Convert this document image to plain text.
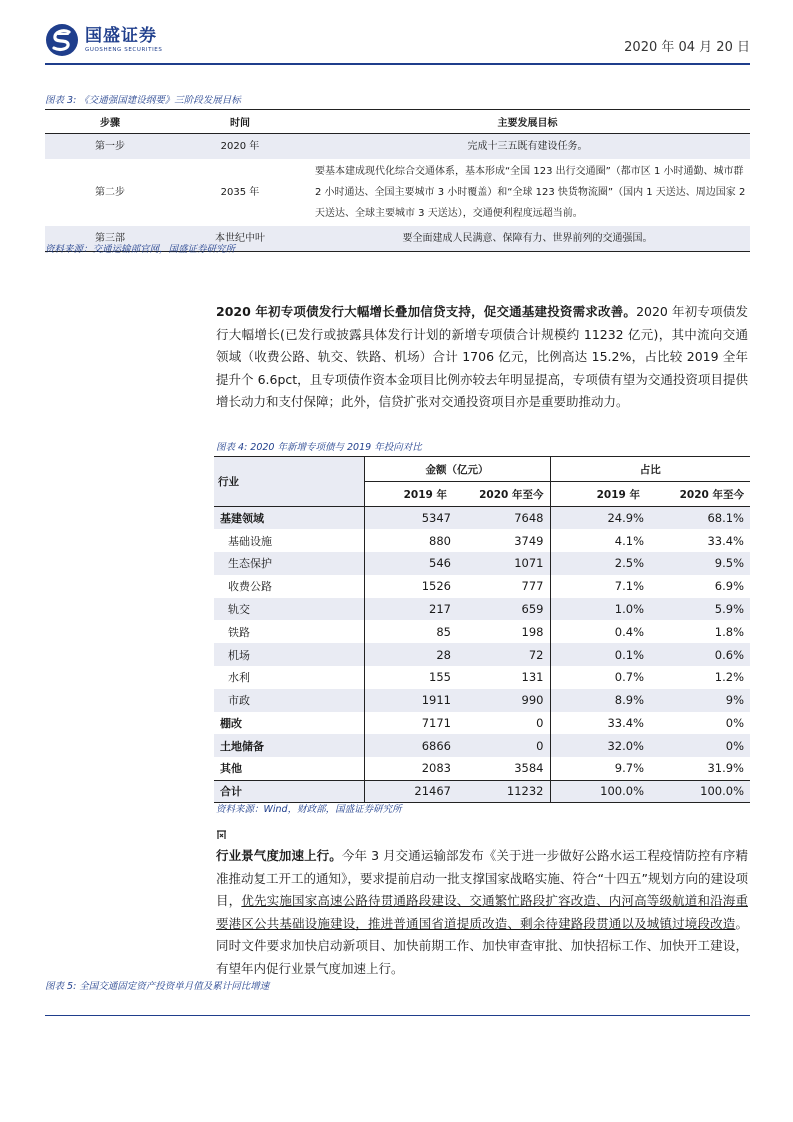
国盛证券
GUOSHENG SECURITIES	2020 年 04 月 20 日
图表 3: 《交通强国建设纲要》三阶段发展目标
步骤	时间	主要发展目标
第一步	2020 年	完成十三五既有建设任务。
第二步	2035 年	要基本建成现代化综合交通体系，基本形成“全国 123 出行交通圈”（都市区 1 小时通勤、城市群 2 小时通达、全国主要城市 3 小时覆盖）和“全球 123 快货物流圈”（国内 1 天送达、周边国家 2 天送达、全球主要城市 3 天送达），交通便利程度远超当前。
第三部	本世纪中叶	要全面建成人民满意、保障有力、世界前列的交通强国。
资料来源：交通运输部官网，国盛证券研究所
2020 年初专项债发行大幅增长叠加信贷支持，促交通基建投资需求改善。2020 年初专项债发行大幅增长(已发行或披露具体发行计划的新增专项债合计规模约 11232 亿元)，其中流向交通领域（收费公路、轨交、铁路、机场）合计 1706 亿元，比例高达 15.2%，占比较 2019 全年提升个 6.6pct，且专项债作资本金项目比例亦较去年明显提高，专项债有望为交通投资项目提供增长动力和支付保障；此外，信贷扩张对交通投资项目亦是重要助推动力。
图表 4: 2020 年新增专项债与 2019 年投向对比
行业	金额（亿元）		占比	
	2019 年	2020 年至今	2019 年	2020 年至今
基建领域	5347	7648	24.9%	68.1%
基础设施	880	3749	4.1%	33.4%
生态保护	546	1071	2.5%	9.5%
收费公路	1526	777	7.1%	6.9%
轨交	217	659	1.0%	5.9%
铁路	85	198	0.4%	1.8%
机场	28	72	0.1%	0.6%
水利	155	131	0.7%	1.2%
市政	1911	990	8.9%	9%
棚改	7171	0	33.4%	0%
土地储备	6866	0	32.0%	0%
其他	2083	3584	9.7%	31.9%
合计	21467	11232	100.0%	100.0%
资料来源：Wind，财政部，国盛证券研究所
行业景气度加速上行。今年 3 月交通运输部发布《关于进一步做好公路水运工程疫情防控有序精准推动复工开工的通知》，要求提前启动一批支撑国家战略实施、符合“十四五”规划方向的建设项目，优先实施国家高速公路待贯通路段建设、交通繁忙路段扩容改造、内河高等级航道和沿海重要港区公共基础设施建设，推进普通国省道提质改造、剩余待建路段贯通以及城镇过境段改造。同时文件要求加快启动新项目、加快前期工作、加快审查审批、加快招标工作、加快开工建设，有望年内促行业景气度加速上行。
图表 5: 全国交通固定资产投资单月值及累计同比增速
